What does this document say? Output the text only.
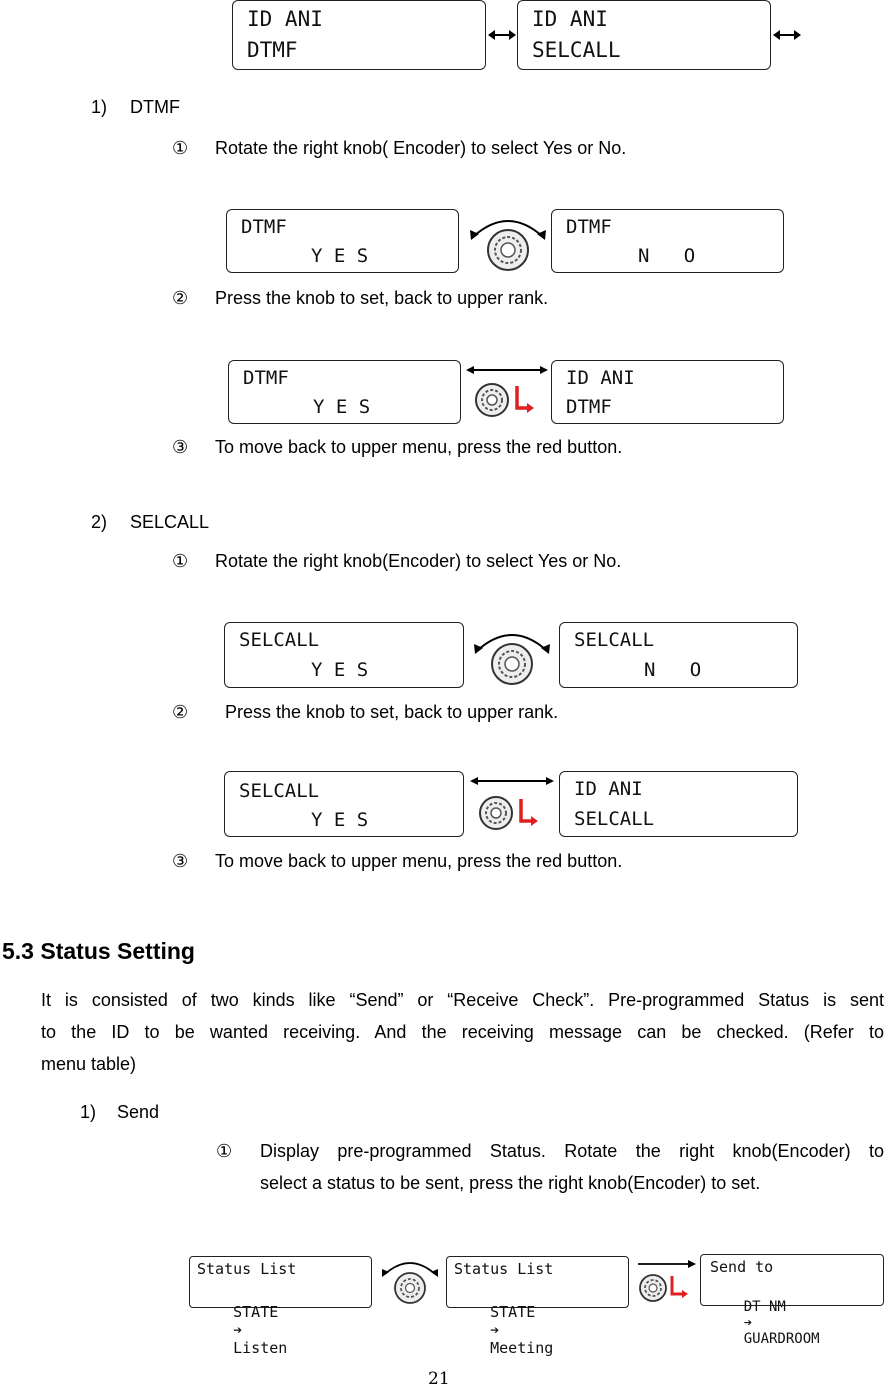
ID ANI
DTMF
ID ANI
SELCALL
1) DTMF
① Rotate the right knob( Encoder) to select Yes or No.
DTMF
Y E S
DTMF
N   O
② Press the knob to set, back to upper rank.
DTMF
Y E S
ID ANI
DTMF
③ To move back to upper menu, press the red button.
2) SELCALL
① Rotate the right knob(Encoder) to select Yes or No.
SELCALL
Y E S
SELCALL
N   O
② Press the knob to set, back to upper rank.
SELCALL
Y E S
ID ANI
SELCALL
③ To move back to upper menu, press the red button.
5.3 Status Setting
It is consisted of two kinds like “Send” or “Receive Check”. Pre-programmed Status is sent
to the ID to be wanted receiving. And the receiving message can be checked. (Refer to
menu table)
1) Send
① Display pre-programmed Status. Rotate the right knob(Encoder) to
select a status to be sent, press the right knob(Encoder) to set.
Status List

STATE
➔
Listen

Status List

STATE
➔
Meeting

Send to

DT NM
➔
GUARDROOM

21
